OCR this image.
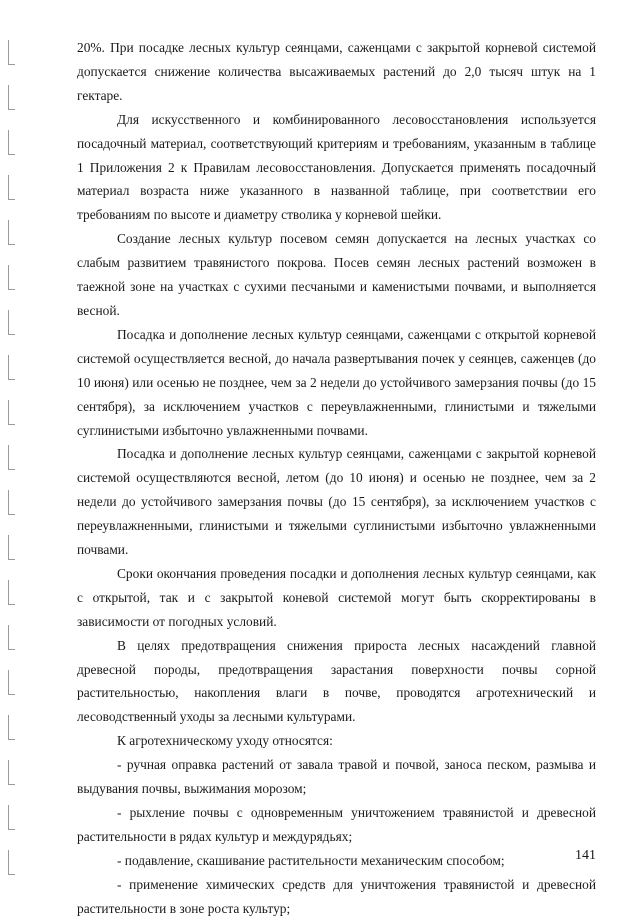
20%. При посадке лесных культур сеянцами, саженцами с закрытой корневой системой допускается снижение количества высаживаемых растений до 2,0 тысяч штук на 1 гектаре.

Для искусственного и комбинированного лесовосстановления используется посадочный материал, соответствующий критериям и требованиям, указанным в таблице 1 Приложения 2 к Правилам лесовосстановления. Допускается применять посадочный материал возраста ниже указанного в названной таблице, при соответствии его требованиям по высоте и диаметру стволика у корневой шейки.

Создание лесных культур посевом семян допускается на лесных участках со слабым развитием травянистого покрова. Посев семян лесных растений возможен в таежной зоне на участках с сухими песчаными и каменистыми почвами, и выполняется весной.

Посадка и дополнение лесных культур сеянцами, саженцами с открытой корневой системой осуществляется весной, до начала развертывания почек у сеянцев, саженцев (до 10 июня) или осенью не позднее, чем за 2 недели до устойчивого замерзания почвы (до 15 сентября), за исключением участков с переувлажненными, глинистыми и тяжелыми суглинистыми избыточно увлажненными почвами.

Посадка и дополнение лесных культур сеянцами, саженцами с закрытой корневой системой осуществляются весной, летом (до 10 июня) и осенью не позднее, чем за 2 недели до устойчивого замерзания почвы (до 15 сентября), за исключением участков с переувлажненными, глинистыми и тяжелыми суглинистыми избыточно увлажненными почвами.

Сроки окончания проведения посадки и дополнения лесных культур сеянцами, как с открытой, так и с закрытой коневой системой могут быть скорректированы в зависимости от погодных условий.

В целях предотвращения снижения прироста лесных насаждений главной древесной породы, предотвращения зарастания поверхности почвы сорной растительностью, накопления влаги в почве, проводятся агротехнический и лесоводственный уходы за лесными культурами.

К агротехническому уходу относятся:

- ручная оправка растений от завала травой и почвой, заноса песком, размыва и выдувания почвы, выжимания морозом;

- рыхление почвы с одновременным уничтожением травянистой и древесной растительности в рядах культур и междурядьях;

- подавление, скашивание растительности механическим способом;

- применение химических средств для уничтожения травянистой и древесной растительности в зоне роста культур;

141
